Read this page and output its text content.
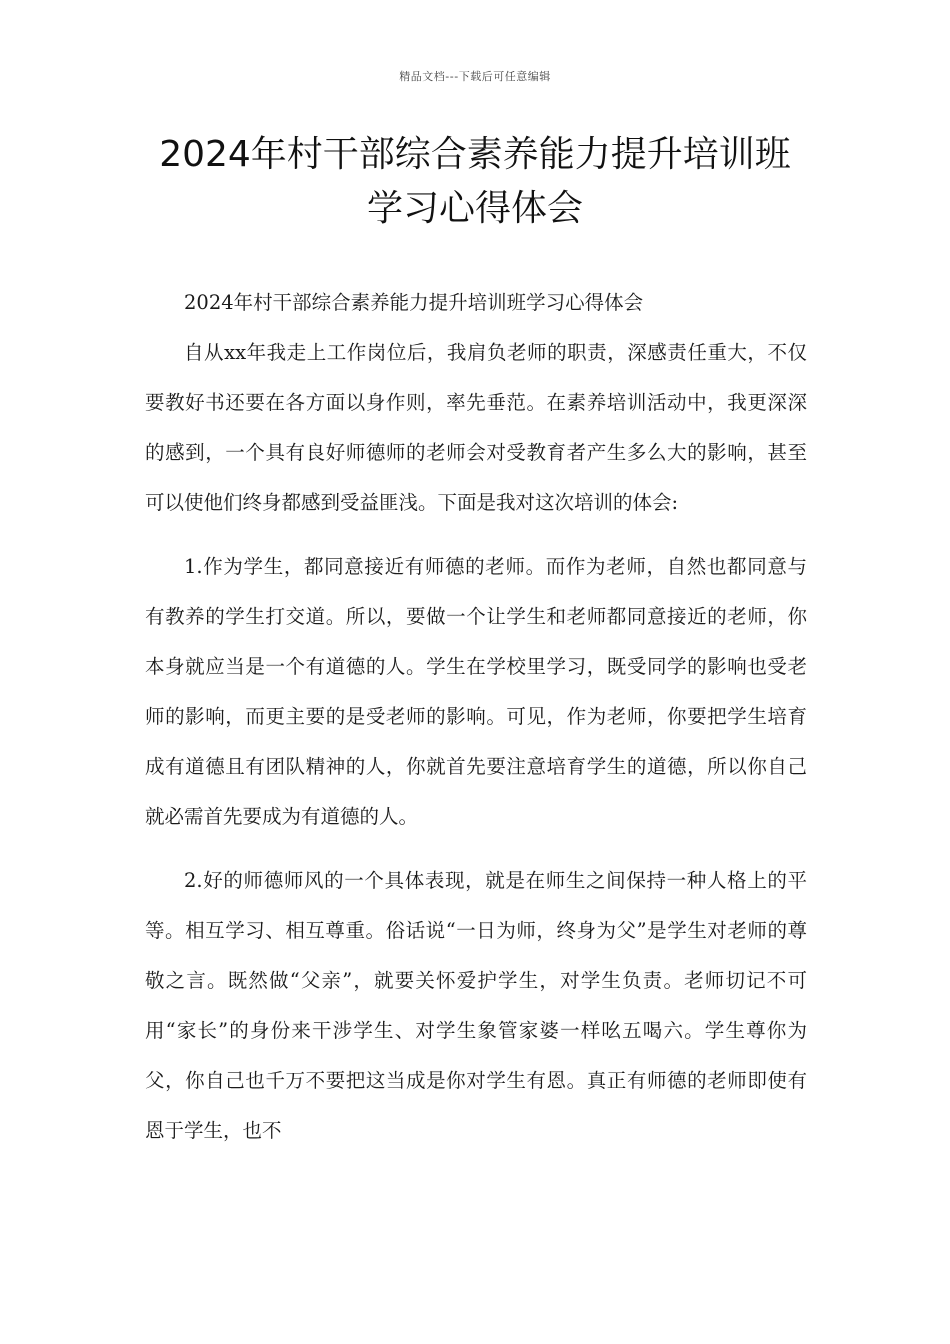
精品文档---下载后可任意编辑
2024年村干部综合素养能力提升培训班
学习心得体会

2024年村干部综合素养能力提升培训班学习心得体会

自从xx年我走上工作岗位后，我肩负老师的职责，深感责任重大，不仅要教好书还要在各方面以身作则，率先垂范。在素养培训活动中，我更深深的感到，一个具有良好师德师的老师会对受教育者产生多么大的影响，甚至可以使他们终身都感到受益匪浅。下面是我对这次培训的体会:

1.作为学生，都同意接近有师德的老师。而作为老师，自然也都同意与有教养的学生打交道。所以，要做一个让学生和老师都同意接近的老师，你本身就应当是一个有道德的人。学生在学校里学习，既受同学的影响也受老师的影响，而更主要的是受老师的影响。可见，作为老师，你要把学生培育成有道德且有团队精神的人，你就首先要注意培育学生的道德，所以你自己就必需首先要成为有道德的人。

2.好的师德师风的一个具体表现，就是在师生之间保持一种人格上的平等。相互学习、相互尊重。俗话说“一日为师，终身为父”是学生对老师的尊敬之言。既然做“父亲”，就要关怀爱护学生，对学生负责。老师切记不可用“家长”的身份来干涉学生、对学生象管家婆一样吆五喝六。学生尊你为父，你自己也千万不要把这当成是你对学生有恩。真正有师德的老师即使有恩于学生，也不
